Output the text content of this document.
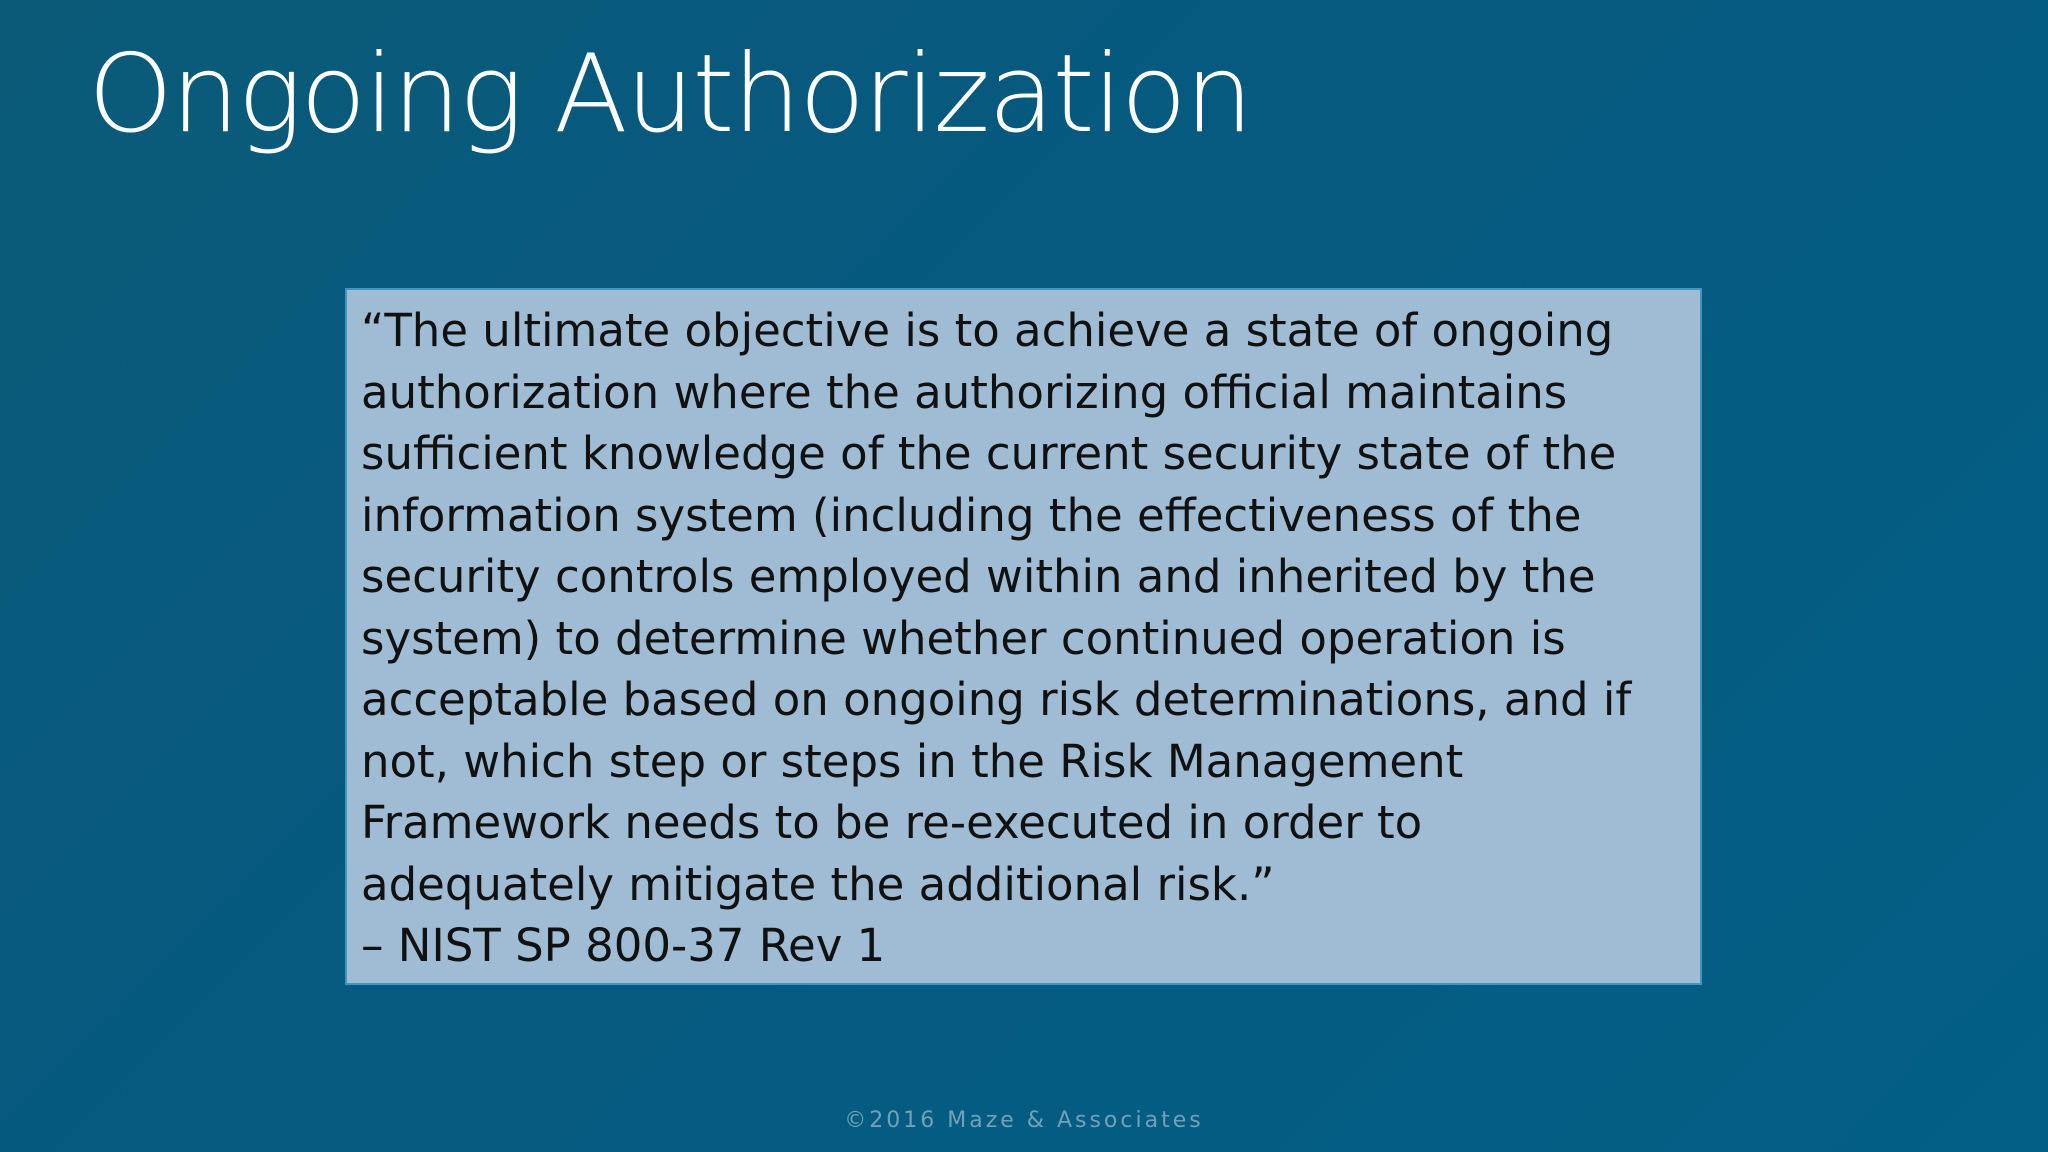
Ongoing Authorization
“The ultimate objective is to achieve a state of ongoing
authorization where the authorizing official maintains
sufficient knowledge of the current security state of the
information system (including the effectiveness of the
security controls employed within and inherited by the
system) to determine whether continued operation is
acceptable based on ongoing risk determinations, and if
not, which step or steps in the Risk Management
Framework needs to be re-executed in order to
adequately mitigate the additional risk.”
– NIST SP 800-37 Rev 1
©2016 Maze & Associates
